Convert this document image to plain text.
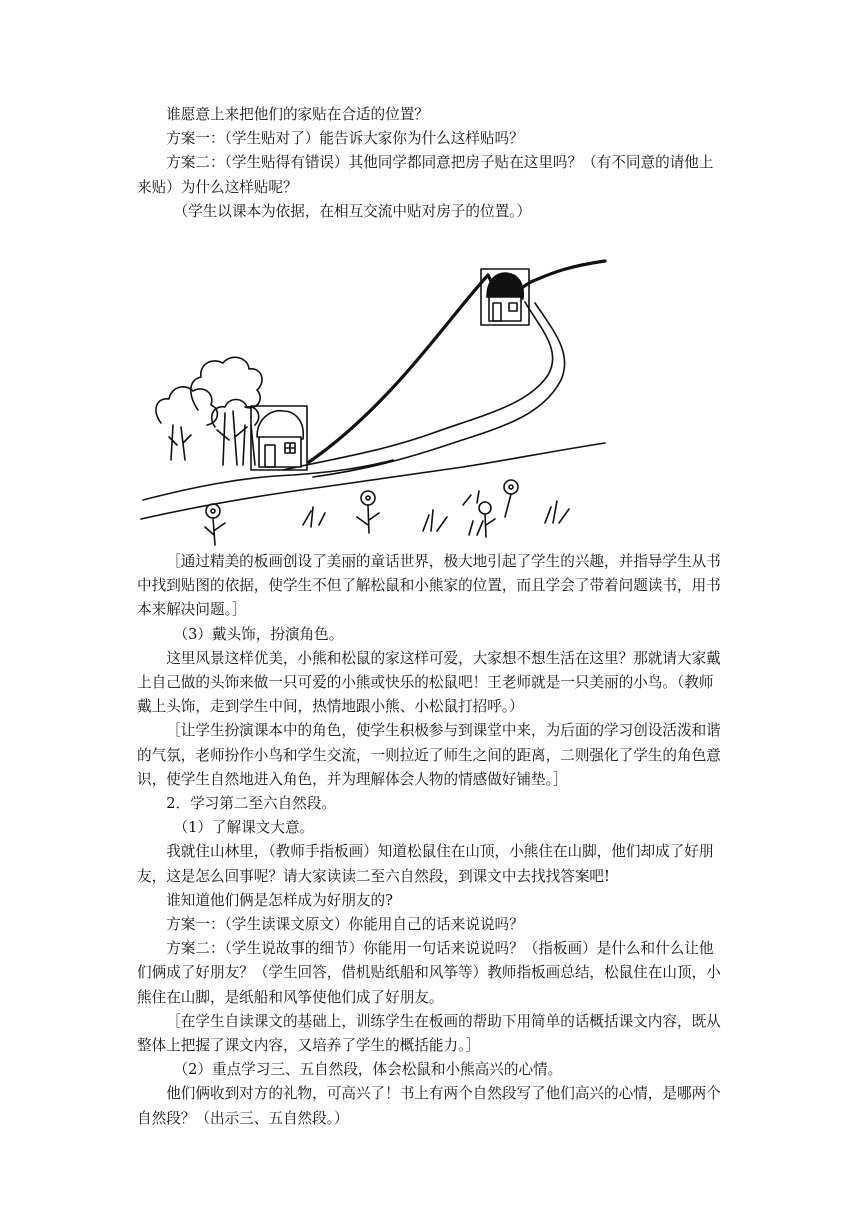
谁愿意上来把他们的家贴在合适的位置？

方案一：（学生贴对了）能告诉大家你为什么这样贴吗？

方案二：（学生贴得有错误）其他同学都同意把房子贴在这里吗？（有不同意的请他上来贴）为什么这样贴呢？

（学生以课本为依据，在相互交流中贴对房子的位置。）

［通过精美的板画创设了美丽的童话世界，极大地引起了学生的兴趣，并指导学生从书中找到贴图的依据，使学生不但了解松鼠和小熊家的位置，而且学会了带着问题读书，用书本来解决问题。］

（3）戴头饰，扮演角色。

这里风景这样优美，小熊和松鼠的家这样可爱，大家想不想生活在这里？那就请大家戴上自己做的头饰来做一只可爱的小熊或快乐的松鼠吧！王老师就是一只美丽的小鸟。（教师戴上头饰，走到学生中间，热情地跟小熊、小松鼠打招呼。）

［让学生扮演课本中的角色，使学生积极参与到课堂中来，为后面的学习创设活泼和谐的气氛，老师扮作小鸟和学生交流，一则拉近了师生之间的距离，二则强化了学生的角色意识，使学生自然地进入角色，并为理解体会人物的情感做好铺垫。］

2．学习第二至六自然段。

（1）了解课文大意。

我就住山林里，（教师手指板画）知道松鼠住在山顶，小熊住在山脚，他们却成了好朋友，这是怎么回事呢？请大家读读二至六自然段，到课文中去找找答案吧!

谁知道他们俩是怎样成为好朋友的?

方案一：（学生读课文原文）你能用自己的话来说说吗？

方案二：（学生说故事的细节）你能用一句话来说说吗？（指板画）是什么和什么让他们俩成了好朋友？（学生回答，借机贴纸船和风筝等）教师指板画总结，松鼠住在山顶，小熊住在山脚，是纸船和风筝使他们成了好朋友。

［在学生自读课文的基础上，训练学生在板画的帮助下用简单的话概括课文内容，既从整体上把握了课文内容，又培养了学生的概括能力。］

（2）重点学习三、五自然段，体会松鼠和小熊高兴的心情。

他们俩收到对方的礼物，可高兴了！书上有两个自然段写了他们高兴的心情，是哪两个自然段？（出示三、五自然段。）
